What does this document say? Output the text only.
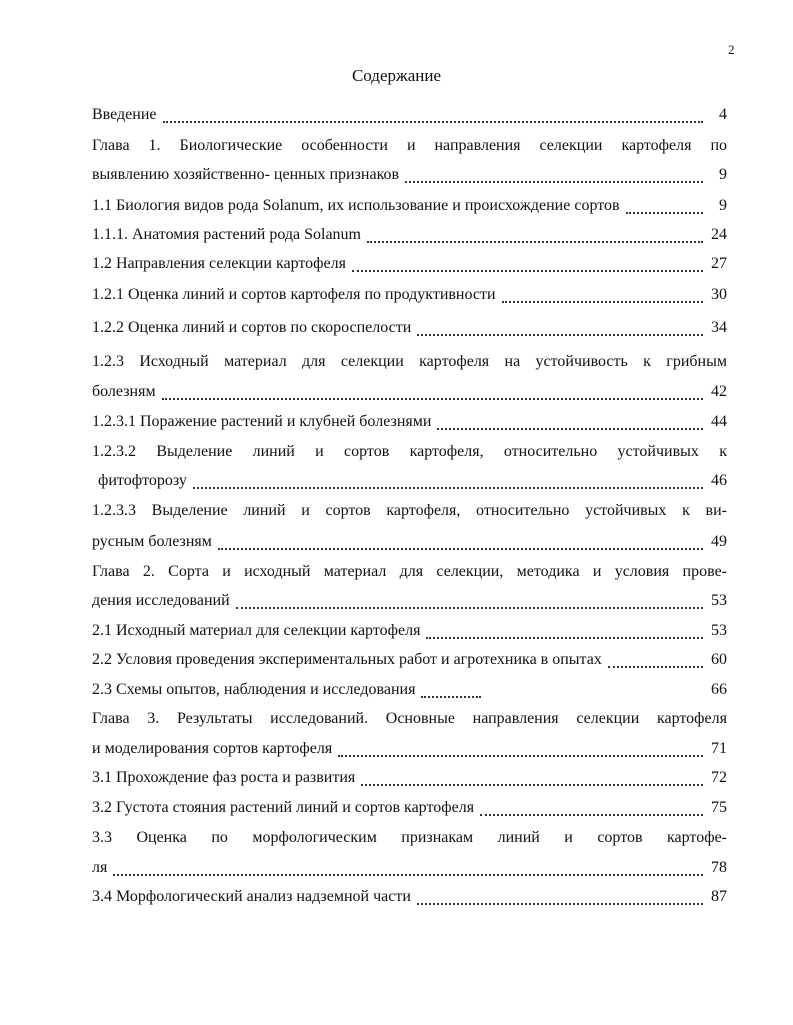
2
Содержание
Введение	4
Глава 1. Биологические особенности и направления селекции картофеля по
выявлению хозяйственно- ценных признаков	9
1.1 Биология видов рода Solanum, их использование и происхождение сортов	9
1.1.1. Анатомия растений рода Solanum	24
1.2 Направления селекции картофеля	27
1.2.1 Оценка линий и сортов картофеля по продуктивности	30
1.2.2 Оценка линий и сортов по скороспелости	34
1.2.3 Исходный материал для селекции картофеля на устойчивость к грибным
болезням	42
1.2.3.1 Поражение растений и клубней болезнями	44
1.2.3.2 Выделение линий и сортов картофеля, относительно устойчивых к
фитофторозу	46
1.2.3.3 Выделение линий и сортов картофеля, относительно устойчивых к ви-
русным болезням	49
Глава 2. Сорта и исходный материал для селекции, методика и условия прове-
дения исследований	53
2.1 Исходный материал для селекции картофеля	53
2.2 Условия проведения экспериментальных работ и агротехника в опытах	60
2.3 Схемы опытов, наблюдения и исследования	66
Глава 3. Результаты исследований. Основные направления селекции картофеля
и моделирования сортов картофеля	71
3.1 Прохождение фаз роста и развития	72
3.2 Густота стояния растений линий и сортов картофеля	75
3.3 Оценка по морфологическим признакам линий и сортов картофе-
ля	78
3.4 Морфологический анализ надземной части	87
